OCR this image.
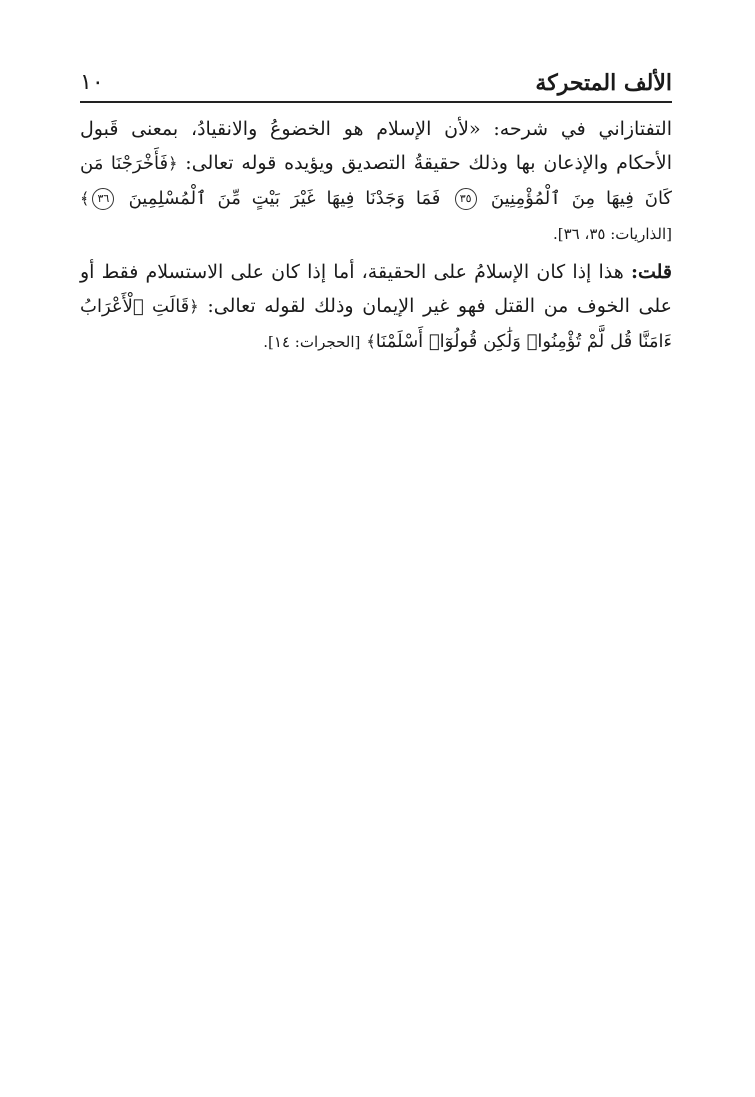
الألف المتحركة
١٠

التفتازاني في شرحه: «لأن الإسلام هو الخضوعُ والانقيادُ، بمعنى قَبول الأحكام والإذعان بها وذلك حقيقةُ التصديق ويؤيده قوله تعالى: ﴿فَأَخْرَجْنَا مَن كَانَ فِيهَا مِنَ ٱلْمُؤْمِنِينَ ٣٥ فَمَا وَجَدْنَا فِيهَا غَيْرَ بَيْتٍ مِّنَ ٱلْمُسْلِمِينَ ٣٦﴾ [الذاريات: ٣٥، ٣٦].

قلت: هذا إذا كان الإسلامُ على الحقيقة، أما إذا كان على الاستسلام فقط أو على الخوف من القتل فهو غير الإيمان وذلك لقوله تعالى: ﴿قَالَتِ ٱلْأَعْرَابُ ءَامَنَّا قُل لَّمْ تُؤْمِنُوا۟ وَلَٰكِن قُولُوٓا۟ أَسْلَمْنَا﴾ [الحجرات: ١٤].
